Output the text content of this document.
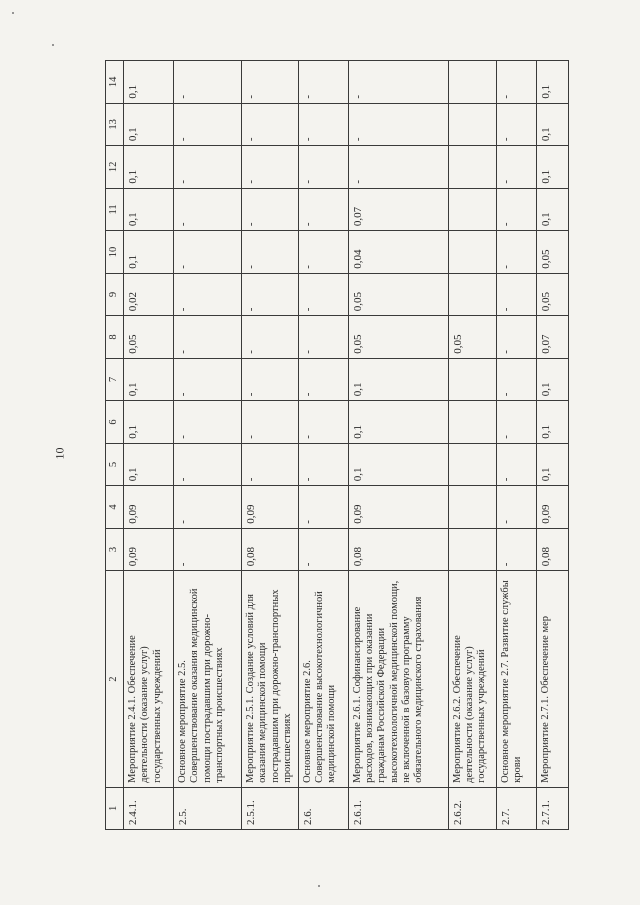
10
1	2	3	4	5	6	7	8	9	10	11	12	13	14
2.4.1.	Мероприятие 2.4.1. Обеспечение деятельности (оказание услуг) государственных учреждений	0,09	0,09	0,1	0,1	0,1	0,05	0,02	0,1	0,1	0,1	0,1	0,1
2.5.	Основное мероприятие 2.5. Совершенствование оказания медицинской помощи пострадавшим при дорожно-транспортных происшествиях	-	-	-	-	-	-	-	-	-	-	-	-
2.5.1.	Мероприятие 2.5.1. Создание условий для оказания медицинской помощи пострадавшим при дорожно-транспортных происшествиях	0,08	0,09	-	-	-	-	-	-	-	-	-	-
2.6.	Основное мероприятие 2.6. Совершенствование высокотехнологичной медицинской помощи	-	-	-	-	-	-	-	-	-	-	-	-
2.6.1.	Мероприятие 2.6.1. Софинансирование расходов, возникающих при оказании гражданам Российской Федерации высокотехнологичной медицинской помощи, не включенной в базовую программу обязательного медицинского страхования	0,08	0,09	0,1	0,1	0,1	0,05	0,05	0,04	0,07	-	-	-
2.6.2.	Мероприятие 2.6.2. Обеспечение деятельности (оказание услуг) государственных учреждений						0,05						
2.7.	Основное мероприятие 2.7. Развитие службы крови	-	-	-	-	-	-	-	-	-	-	-	-
2.7.1.	Мероприятие 2.7.1. Обеспечение мер	0,08	0,09	0,1	0,1	0,1	0,07	0,05	0,05	0,1	0,1	0,1	0,1
